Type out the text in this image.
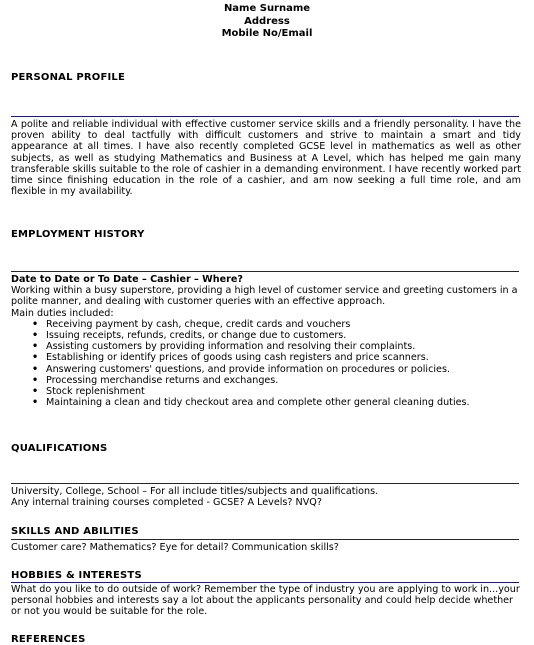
Name Surname
Address
Mobile No/Email
PERSONAL PROFILE
A polite and reliable individual with effective customer service skills and a friendly personality. I have the proven ability to deal tactfully with difficult customers and strive to maintain a smart and tidy appearance at all times. I have also recently completed GCSE level in mathematics as well as other subjects, as well as studying Mathematics and Business at A Level, which has helped me gain many transferable skills suitable to the role of cashier in a demanding environment. I have recently worked part time since finishing education in the role of a cashier, and am now seeking a full time role, and am flexible in my availability.
EMPLOYMENT HISTORY
Date to Date or To Date – Cashier – Where?

Working within a busy superstore, providing a high level of customer service and greeting customers in a polite manner, and dealing with customer queries with an effective approach.

Main duties included:

• Receiving payment by cash, cheque, credit cards and vouchers
• Issuing receipts, refunds, credits, or change due to customers.
• Assisting customers by providing information and resolving their complaints.
• Establishing or identify prices of goods using cash registers and price scanners.
• Answering customers' questions, and provide information on procedures or policies.
• Processing merchandise returns and exchanges.
• Stock replenishment
• Maintaining a clean and tidy checkout area and complete other general cleaning duties.
QUALIFICATIONS

University, College, School – For all include titles/subjects and qualifications.

Any internal training courses completed - GCSE? A Levels? NVQ?

SKILLS AND ABILITIES
Customer care? Mathematics? Eye for detail? Communication skills?
HOBBIES & INTERESTS
What do you like to do outside of work? Remember the type of industry you are applying to work in...your personal hobbies and interests say a lot about the applicants personality and could help decide whether or not you would be suitable for the role.
REFERENCES
